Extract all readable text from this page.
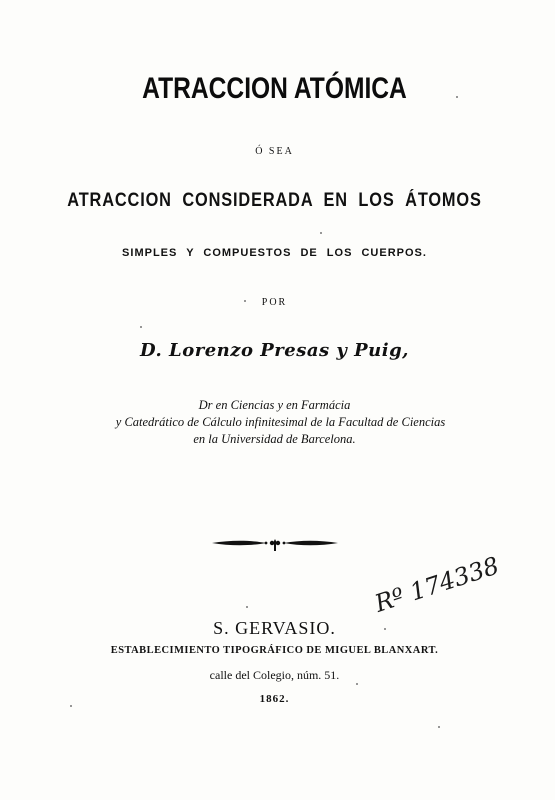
ATRACCION ATÓMICA
Ó SEA
ATRACCION CONSIDERADA EN LOS ÁTOMOS
SIMPLES Y COMPUESTOS DE LOS CUERPOS.
POR
D. Lorenzo Presas y Puig,
Dr en Ciencias y en Farmácia
y Catedrático de Cálculo infinitesimal de la Facultad de Ciencias
en la Universidad de Barcelona.
Rº 174338
S. GERVASIO.
ESTABLECIMIENTO TIPOGRÁFICO DE MIGUEL BLANXART.
calle del Colegio, núm. 51.
1862.
